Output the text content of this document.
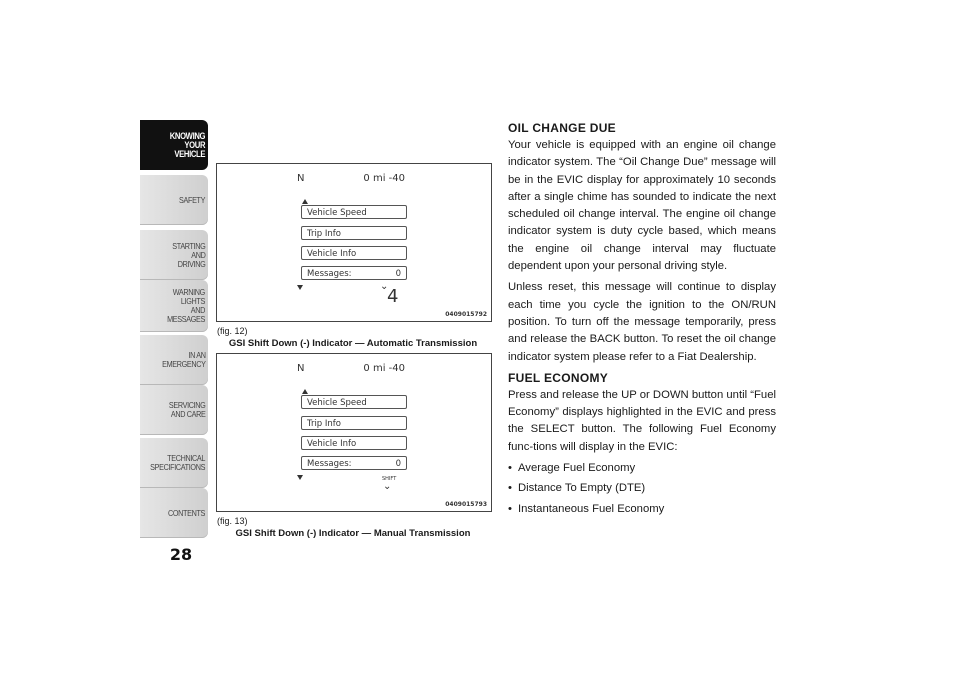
KNOWING
YOUR
VEHICLE
SAFETY
STARTING
AND
DRIVING
WARNING
LIGHTS
AND
MESSAGES
IN AN
EMERGENCY
SERVICING
AND CARE
TECHNICAL
SPECIFICATIONS
CONTENTS
28
N	0 mi -40
Vehicle Speed
Trip Info
Vehicle Info
Messages:	0
⌄
4
0409015792
(fig. 12)
GSI Shift Down (-) Indicator — Automatic Transmission
N	0 mi -40
Vehicle Speed
Trip Info
Vehicle Info
Messages:	0
SHIFT
⌄
0409015793
(fig. 13)
GSI Shift Down (-) Indicator — Manual Transmission
OIL CHANGE DUE

Your vehicle is equipped with an engine oil change indicator system. The “Oil Change Due” message will be in the EVIC display for approximately 10 seconds after a single chime has sounded to indicate the next scheduled oil change interval. The engine oil change indicator system is duty cycle based, which means the engine oil change interval may fluctuate dependent upon your personal driving style.

Unless reset, this message will continue to display each time you cycle the ignition to the ON/RUN position. To turn off the message temporarily, press and release the BACK button. To reset the oil change indicator system please refer to a Fiat Dealership.

FUEL ECONOMY

Press and release the UP or DOWN button until “Fuel Economy” displays highlighted in the EVIC and press the SELECT button. The following Fuel Economy func-tions will display in the EVIC:

• Average Fuel Economy
• Distance To Empty (DTE)
• Instantaneous Fuel Economy
